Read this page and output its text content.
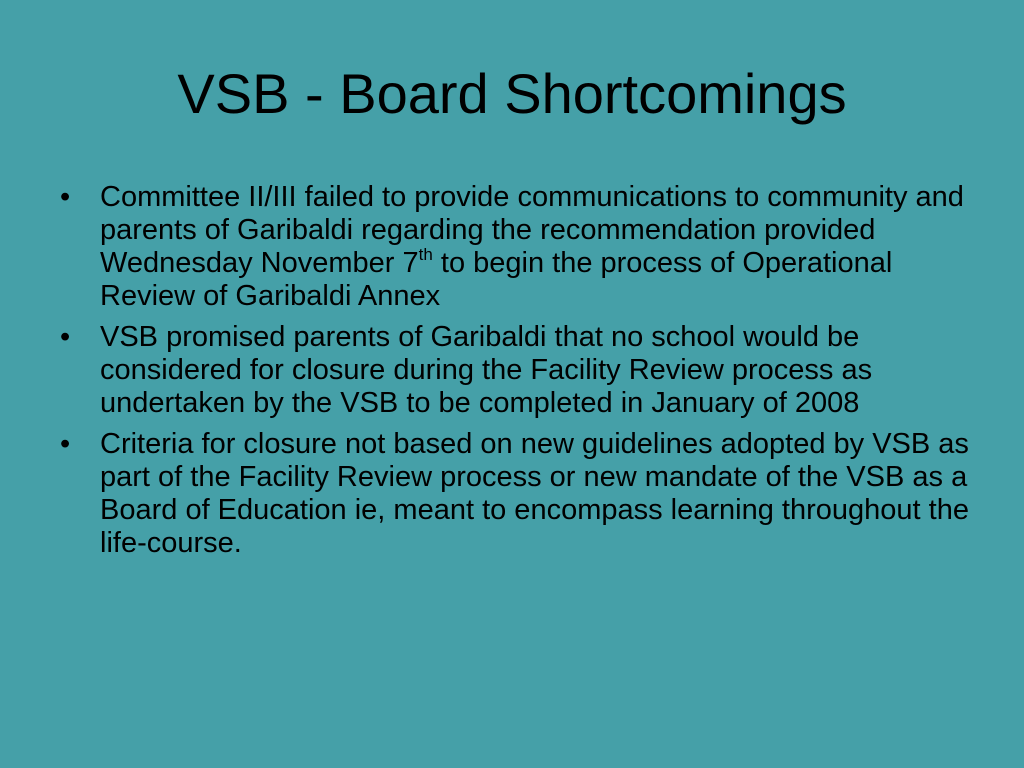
VSB - Board Shortcomings
• Committee II/III failed to provide communications to community and parents of Garibaldi regarding the recommendation provided Wednesday November 7th to begin the process of Operational Review of Garibaldi Annex
• VSB promised parents of Garibaldi that no school would be considered for closure during the Facility Review process as undertaken by the VSB to be completed in January of 2008
• Criteria for closure not based on new guidelines adopted by VSB as part of the Facility Review process or new mandate of the VSB as a Board of Education ie, meant to encompass learning throughout the life-course.
